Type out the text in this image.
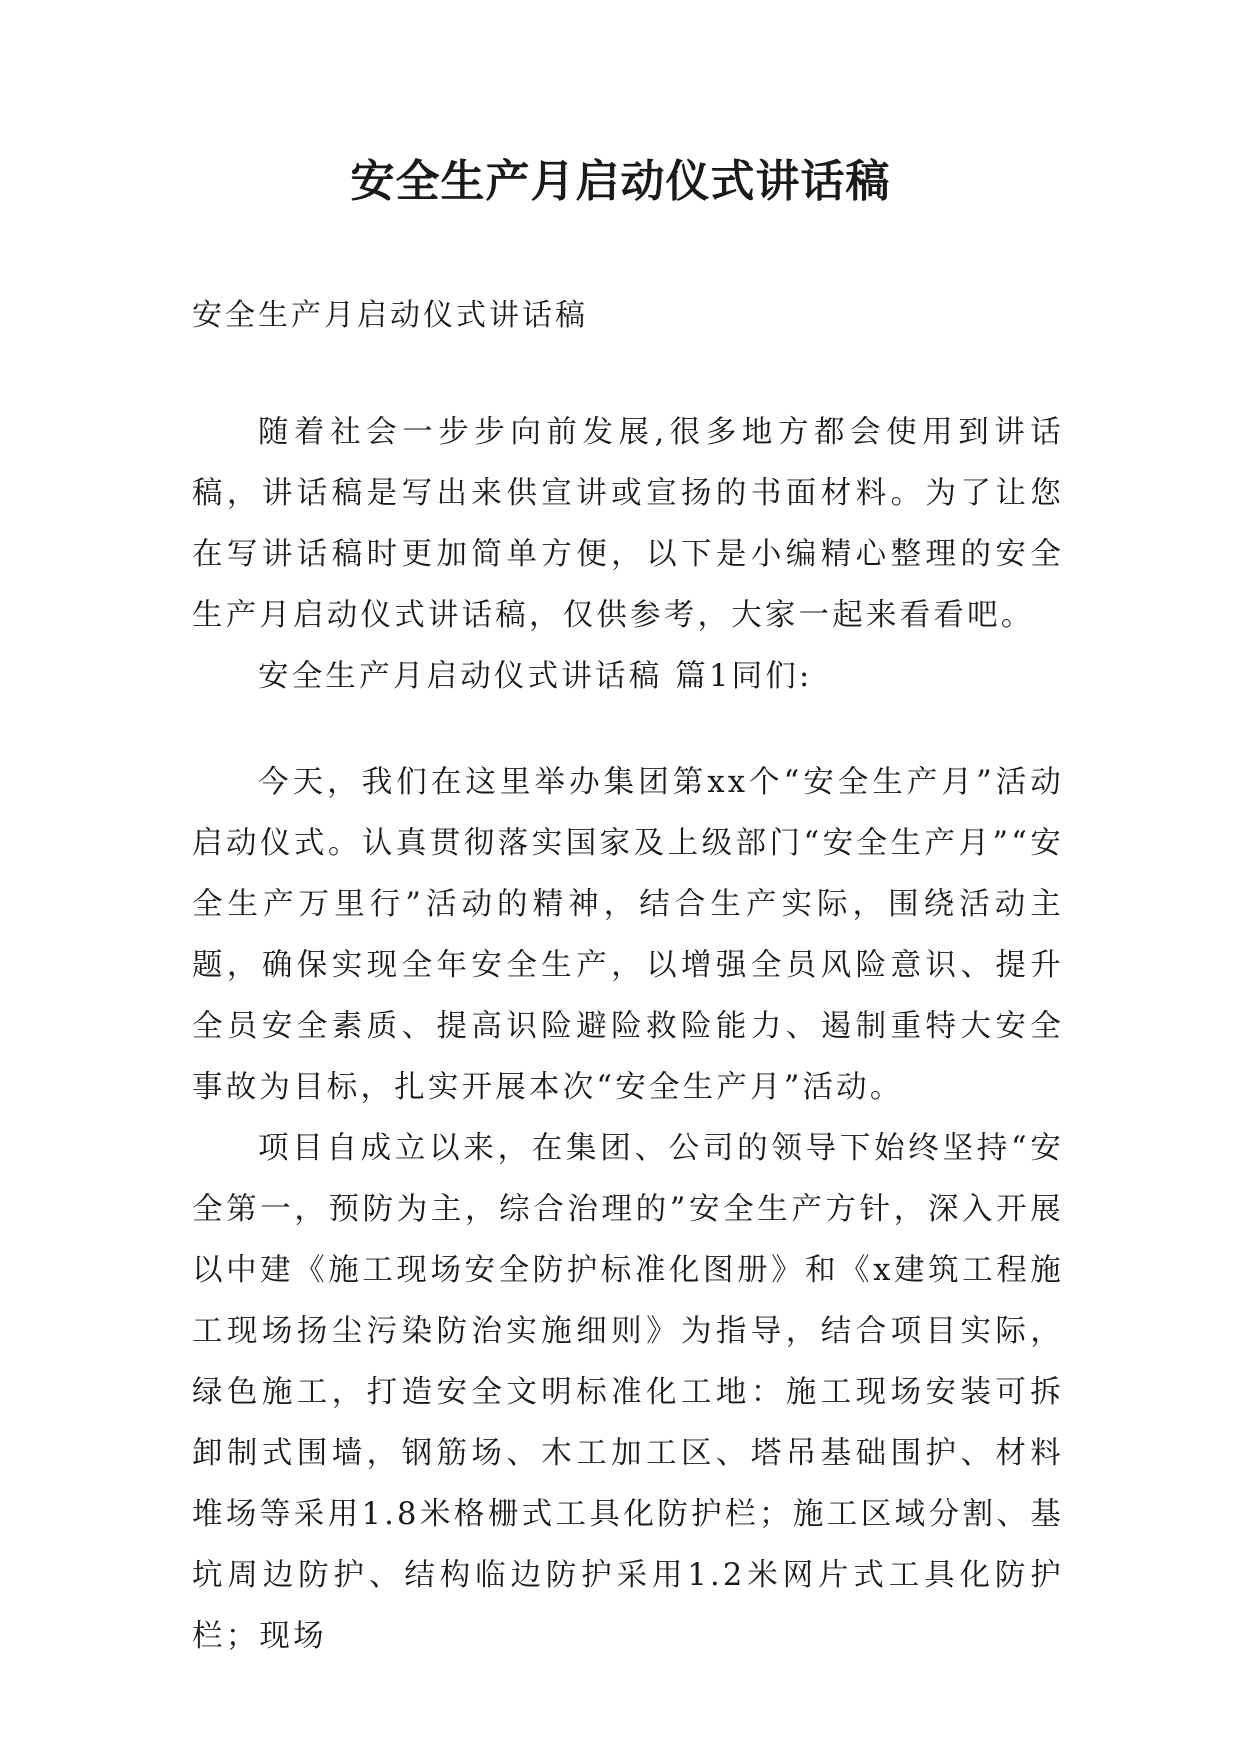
安全生产月启动仪式讲话稿

安全生产月启动仪式讲话稿

随着社会一步步向前发展,很多地方都会使用到讲话稿，讲话稿是写出来供宣讲或宣扬的书面材料。为了让您在写讲话稿时更加简单方便，以下是小编精心整理的安全生产月启动仪式讲话稿，仅供参考，大家一起来看看吧。

安全生产月启动仪式讲话稿 篇1同们:

今天，我们在这里举办集团第xx个“安全生产月”活动启动仪式。认真贯彻落实国家及上级部门“安全生产月”“安全生产万里行”活动的精神，结合生产实际，围绕活动主题，确保实现全年安全生产，以增强全员风险意识、提升全员安全素质、提高识险避险救险能力、遏制重特大安全事故为目标，扎实开展本次“安全生产月”活动。

项目自成立以来，在集团、公司的领导下始终坚持“安全第一，预防为主，综合治理的”安全生产方针，深入开展以中建《施工现场安全防护标准化图册》和《x建筑工程施工现场扬尘污染防治实施细则》为指导，结合项目实际，绿色施工，打造安全文明标准化工地：施工现场安装可拆卸制式围墙，钢筋场、木工加工区、塔吊基础围护、材料堆场等采用1.8米格栅式工具化防护栏；施工区域分割、基坑周边防护、结构临边防护采用1.2米网片式工具化防护栏；现场
